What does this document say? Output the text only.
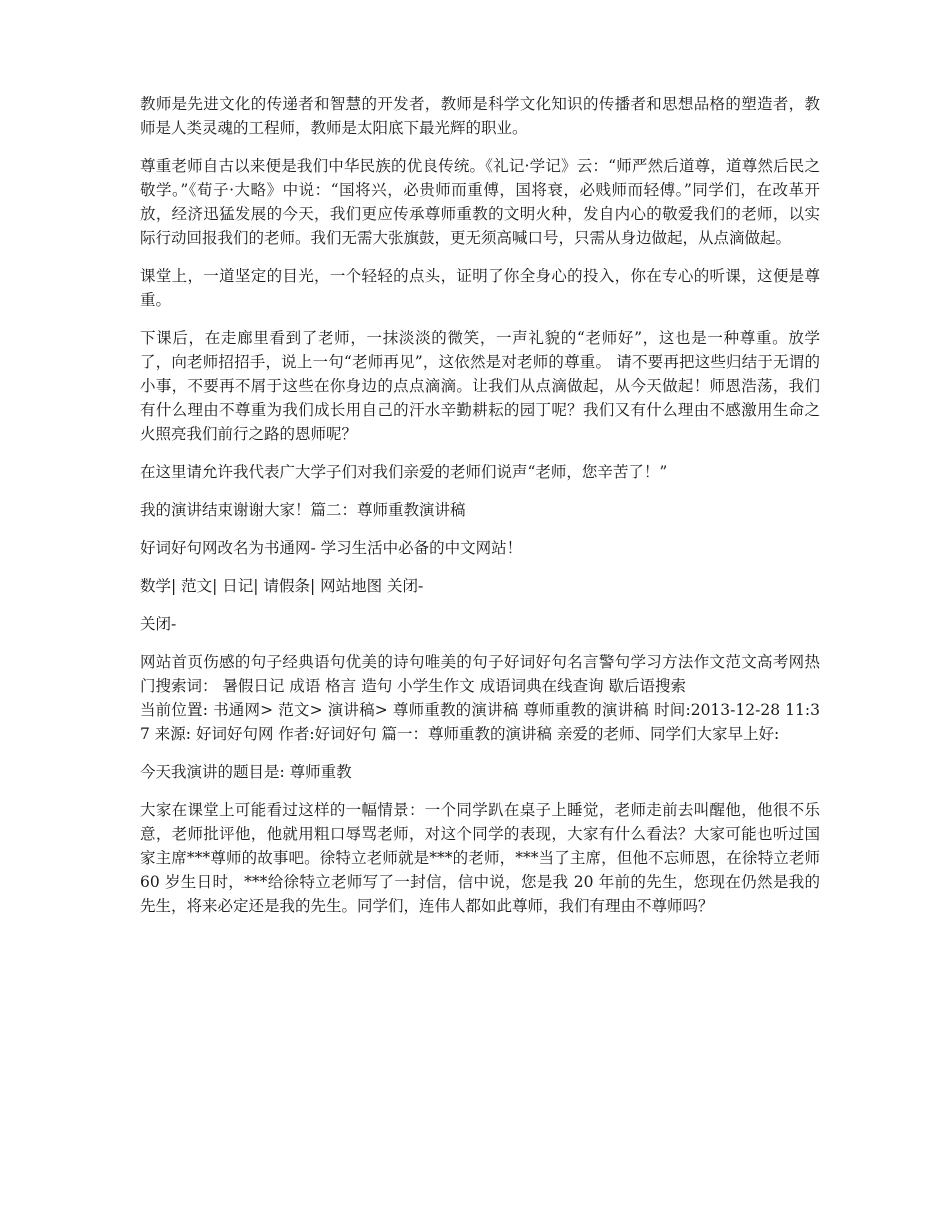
教师是先进文化的传递者和智慧的开发者，教师是科学文化知识的传播者和思想品格的塑造者，教师是人类灵魂的工程师，教师是太阳底下最光辉的职业。

尊重老师自古以来便是我们中华民族的优良传统。《礼记·学记》云：“师严然后道尊，道尊然后民之敬学。”《荀子·大略》中说：“国将兴，必贵师而重傅，国将衰，必贱师而轻傅。”同学们，在改革开放，经济迅猛发展的今天，我们更应传承尊师重教的文明火种，发自内心的敬爱我们的老师，以实际行动回报我们的老师。我们无需大张旗鼓，更无须高喊口号，只需从身边做起，从点滴做起。

课堂上，一道坚定的目光，一个轻轻的点头，证明了你全身心的投入，你在专心的听课，这便是尊重。

下课后，在走廊里看到了老师，一抹淡淡的微笑，一声礼貌的“老师好”，这也是一种尊重。放学了，向老师招招手，说上一句“老师再见”，这依然是对老师的尊重。 请不要再把这些归结于无谓的小事，不要再不屑于这些在你身边的点点滴滴。让我们从点滴做起，从今天做起！师恩浩荡，我们有什么理由不尊重为我们成长用自己的汗水辛勤耕耘的园丁呢？我们又有什么理由不感激用生命之火照亮我们前行之路的恩师呢？

在这里请允许我代表广大学子们对我们亲爱的老师们说声“老师，您辛苦了！”

我的演讲结束谢谢大家！篇二：尊师重教演讲稿

好词好句网改名为书通网- 学习生活中必备的中文网站！

数学| 范文| 日记| 请假条| 网站地图 关闭-

关闭-

网站首页伤感的句子经典语句优美的诗句唯美的句子好词好句名言警句学习方法作文范文高考网热门搜索词： 暑假日记 成语 格言 造句 小学生作文 成语词典在线查询 歇后语搜索

当前位置: 书通网> 范文> 演讲稿> 尊师重教的演讲稿 尊师重教的演讲稿 时间:2013-12-28 11:37 来源: 好词好句网 作者:好词好句 篇一：尊师重教的演讲稿 亲爱的老师、同学们大家早上好:

今天我演讲的题目是: 尊师重教

大家在课堂上可能看过这样的一幅情景：一个同学趴在桌子上睡觉，老师走前去叫醒他，他很不乐意，老师批评他，他就用粗口辱骂老师，对这个同学的表现，大家有什么看法？大家可能也听过国家主席***尊师的故事吧。徐特立老师就是***的老师，***当了主席，但他不忘师恩，在徐特立老师 60 岁生日时，***给徐特立老师写了一封信，信中说，您是我 20 年前的先生，您现在仍然是我的先生，将来必定还是我的先生。同学们，连伟人都如此尊师，我们有理由不尊师吗？
